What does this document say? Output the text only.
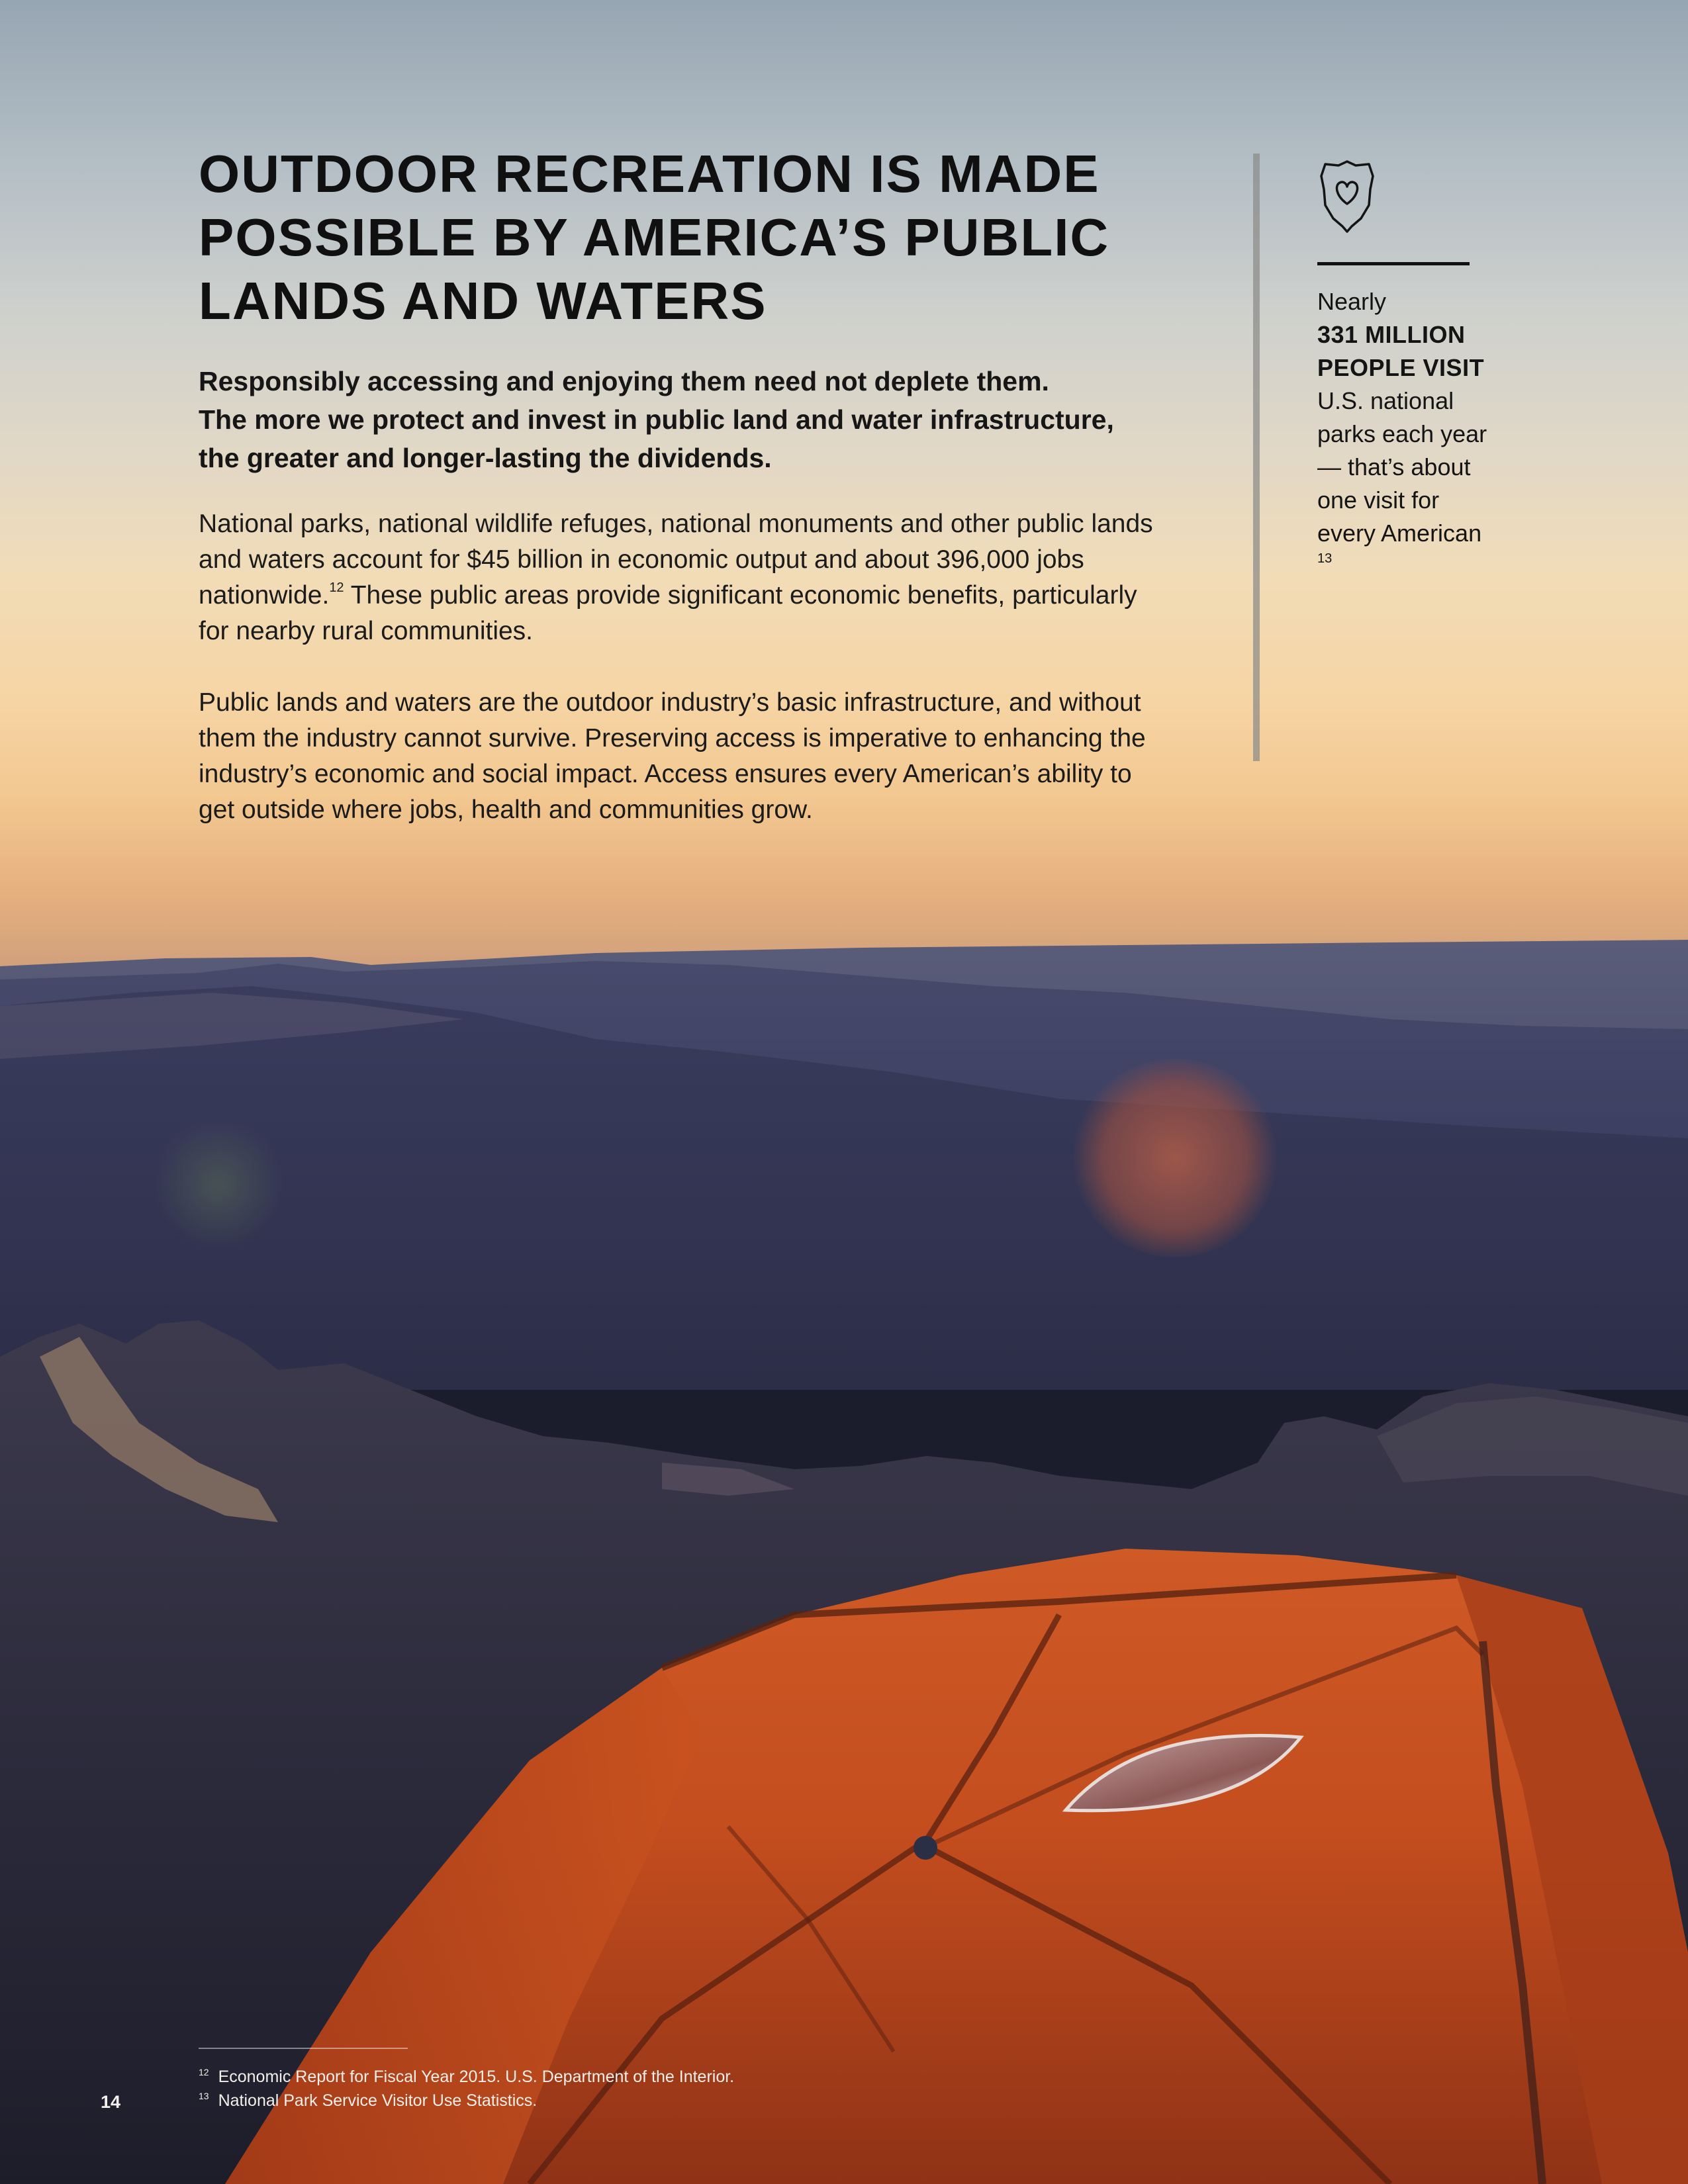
OUTDOOR RECREATION IS MADE
POSSIBLE BY AMERICA’S PUBLIC
LANDS AND WATERS

Responsibly accessing and enjoying them need not deplete them.
The more we protect and invest in public land and water infrastructure,
the greater and longer-lasting the dividends.

National parks, national wildlife refuges, national monuments and other public lands
and waters account for $45 billion in economic output and about 396,000 jobs
nationwide.$^{12}$ These public areas provide significant economic benefits, particularly
for nearby rural communities.

Public lands and waters are the outdoor industry’s basic infrastructure, and without
them the industry cannot survive. Preserving access is imperative to enhancing the
industry’s economic and social impact. Access ensures every American’s ability to
get outside where jobs, health and communities grow.

Nearly
331 MILLION
PEOPLE VISIT
U.S. national
parks each year
— that’s about
one visit for
every American
$^{13}$
$^{12}$ Economic Report for Fiscal Year 2015. U.S. Department of the Interior.
$^{13}$ National Park Service Visitor Use Statistics.
14
